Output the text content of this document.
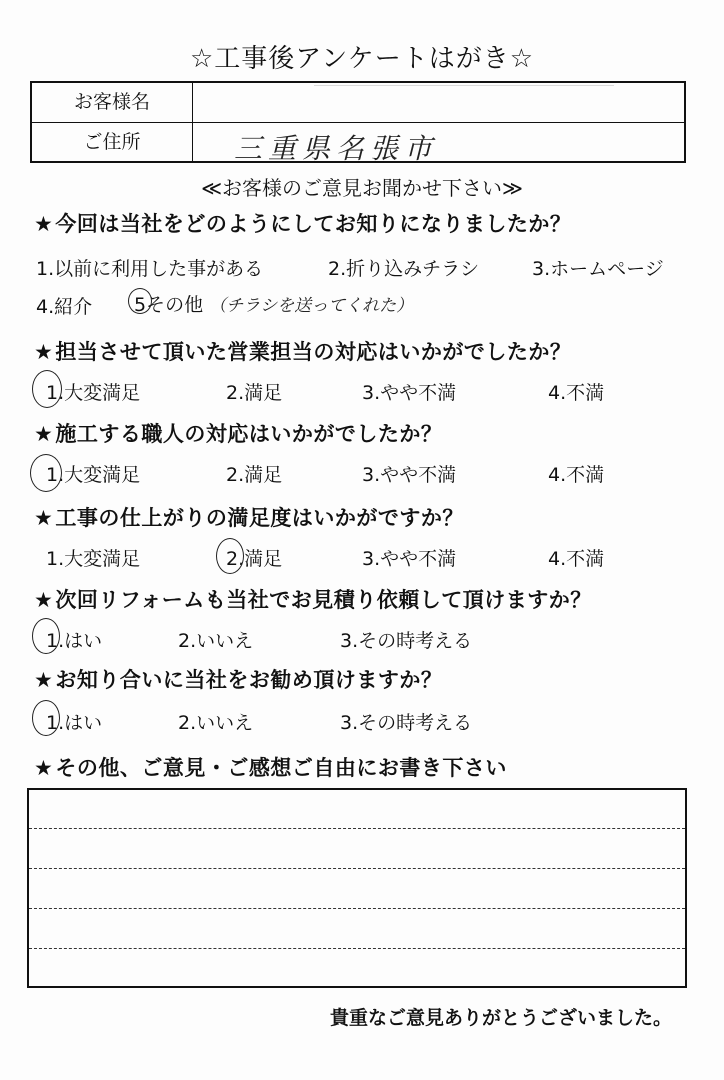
☆工事後アンケートはがき☆
お客様名
ご住所	三重県名張市
≪お客様のご意見お聞かせ下さい≫
★今回は当社をどのようにしてお知りになりましたか？
1.以前に利用した事がある	2.折り込みチラシ	3.ホームページ
4.紹介 5その他 （チラシを送ってくれた）
★担当させて頂いた営業担当の対応はいかがでしたか？
1.大変満足	2.満足	3.やや不満	4.不満
★施工する職人の対応はいかがでしたか？
1.大変満足	2.満足	3.やや不満	4.不満
★工事の仕上がりの満足度はいかがですか？
1.大変満足	2.満足	3.やや不満	4.不満
★次回リフォームも当社でお見積り依頼して頂けますか？
1.はい	2.いいえ	3.その時考える
★お知り合いに当社をお勧め頂けますか？
1.はい	2.いいえ	3.その時考える
★その他、ご意見・ご感想ご自由にお書き下さい
貴重なご意見ありがとうございました。
